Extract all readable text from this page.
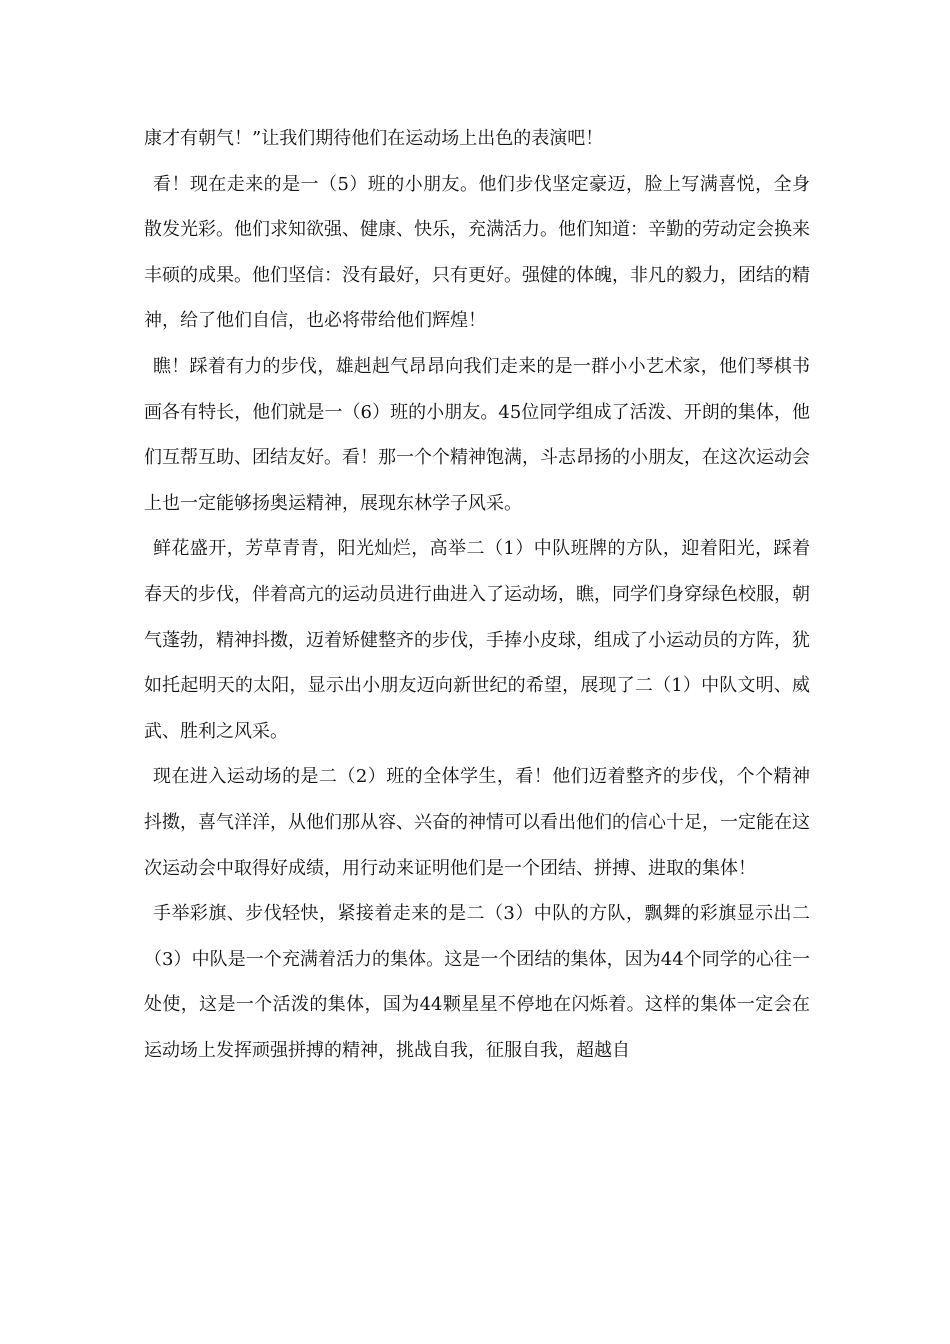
康才有朝气！”让我们期待他们在运动场上出色的表演吧！

看！现在走来的是一（5）班的小朋友。他们步伐坚定豪迈，脸上写满喜悦，全身散发光彩。他们求知欲强、健康、快乐，充满活力。他们知道：辛勤的劳动定会换来丰硕的成果。他们坚信：没有最好，只有更好。强健的体魄，非凡的毅力，团结的精神，给了他们自信，也必将带给他们辉煌！

瞧！踩着有力的步伐，雄赳赳气昂昂向我们走来的是一群小小艺术家，他们琴棋书画各有特长，他们就是一（6）班的小朋友。45位同学组成了活泼、开朗的集体，他们互帮互助、团结友好。看！那一个个精神饱满，斗志昂扬的小朋友，在这次运动会上也一定能够扬奥运精神，展现东林学子风采。

鲜花盛开，芳草青青，阳光灿烂，高举二（1）中队班牌的方队，迎着阳光，踩着春天的步伐，伴着高亢的运动员进行曲进入了运动场，瞧，同学们身穿绿色校服，朝气蓬勃，精神抖擞，迈着矫健整齐的步伐，手捧小皮球，组成了小运动员的方阵，犹如托起明天的太阳，显示出小朋友迈向新世纪的希望，展现了二（1）中队文明、威武、胜利之风采。

现在进入运动场的是二（2）班的全体学生，看！他们迈着整齐的步伐，个个精神抖擞，喜气洋洋，从他们那从容、兴奋的神情可以看出他们的信心十足，一定能在这次运动会中取得好成绩，用行动来证明他们是一个团结、拼搏、进取的集体！

手举彩旗、步伐轻快，紧接着走来的是二（3）中队的方队，飘舞的彩旗显示出二（3）中队是一个充满着活力的集体。这是一个团结的集体，因为44个同学的心往一处使，这是一个活泼的集体，国为44颗星星不停地在闪烁着。这样的集体一定会在运动场上发挥顽强拼搏的精神，挑战自我，征服自我，超越自
